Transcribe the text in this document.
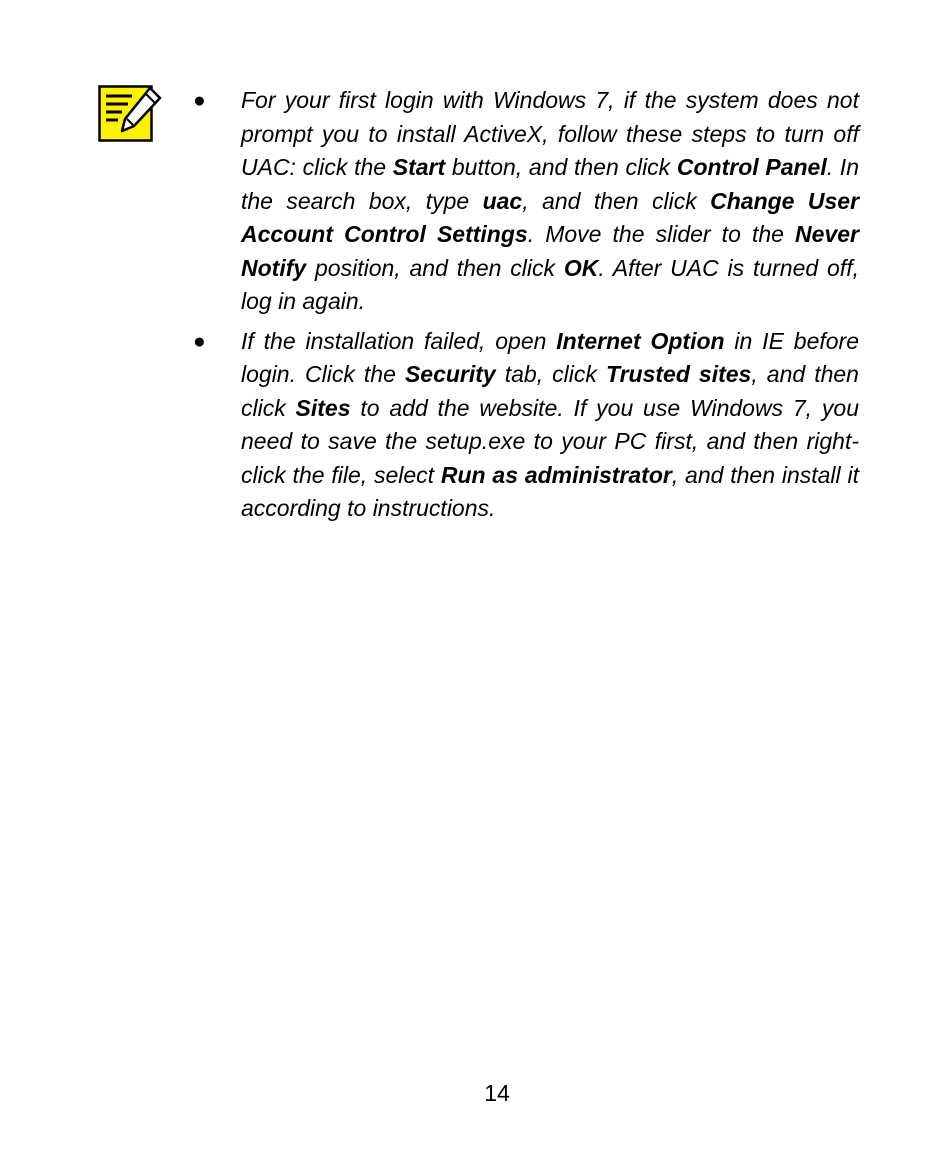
● For your first login with Windows 7, if the system does not prompt you to install ActiveX, follow these steps to turn off UAC: click the Start button, and then click Control Panel. In the search box, type uac, and then click Change User Account Control Settings. Move the slider to the Never Notify position, and then click OK. After UAC is turned off, log in again.
● If the installation failed, open Internet Option in IE before login. Click the Security tab, click Trusted sites, and then click Sites to add the website. If you use Windows 7, you need to save the setup.exe to your PC first, and then right-click the file, select Run as administrator, and then install it according to instructions.
14
